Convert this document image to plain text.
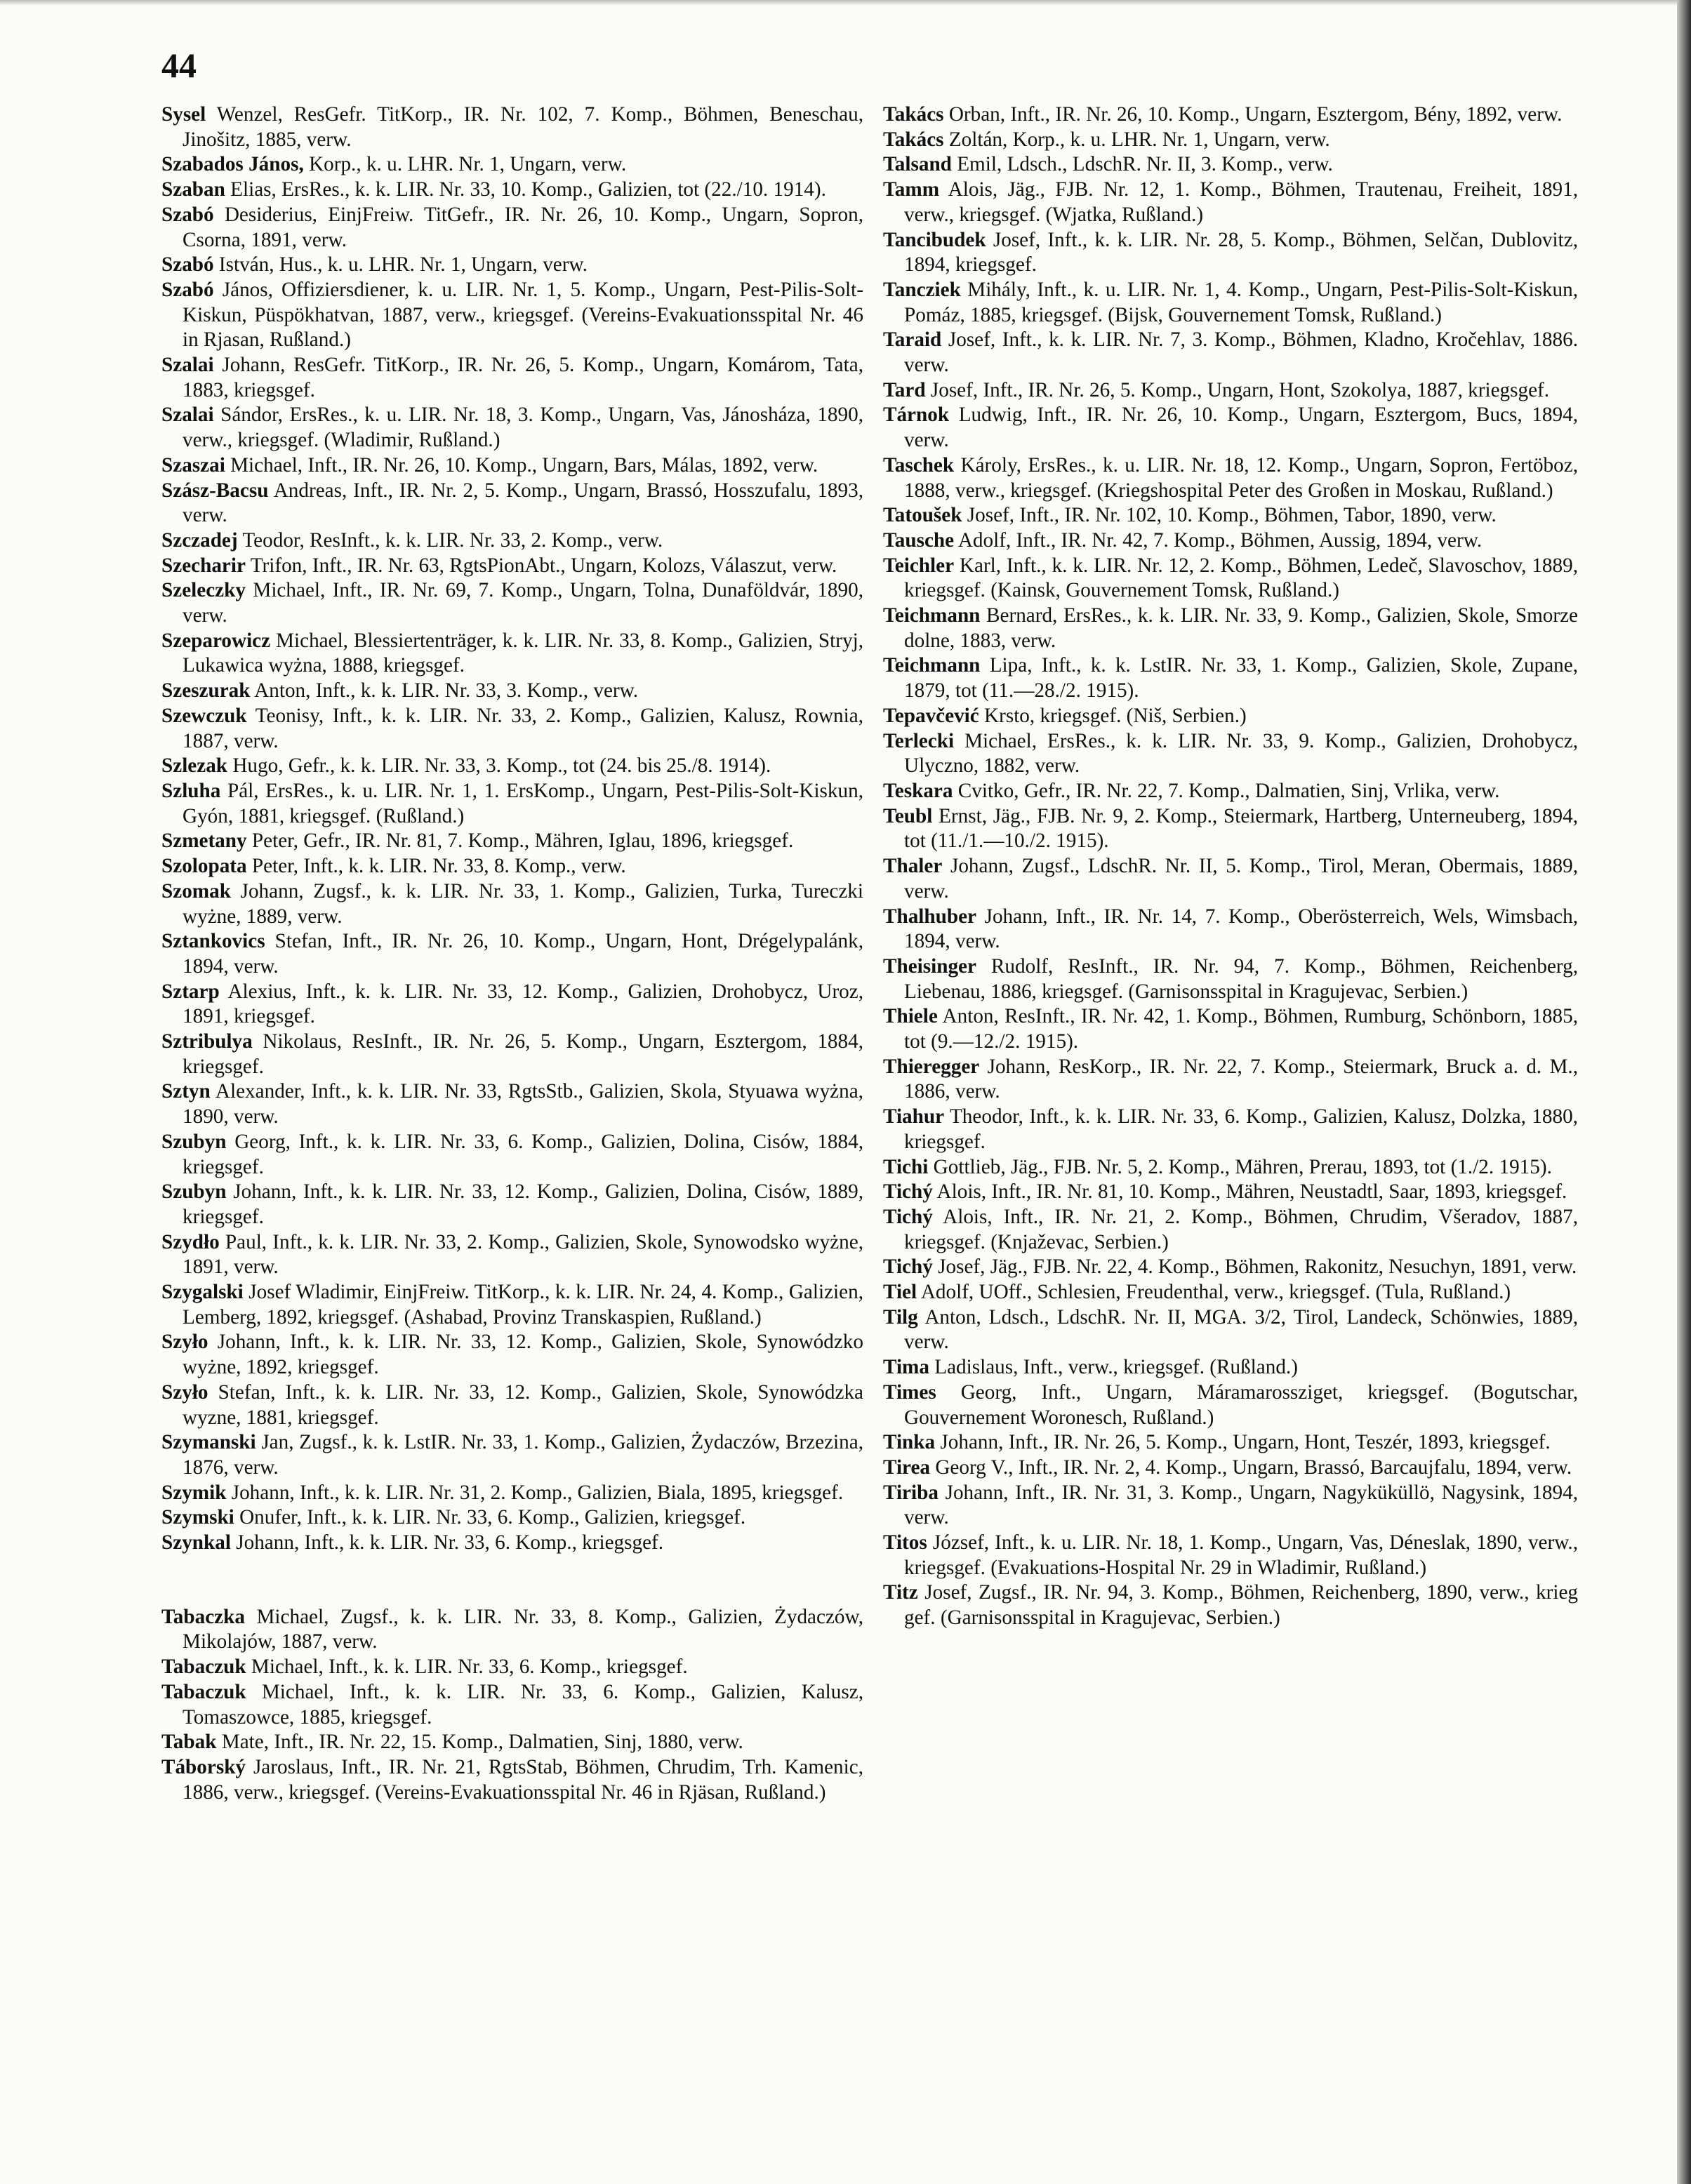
44

Sysel Wenzel, ResGefr. TitKorp., IR. Nr. 102, 7. Komp., Böhmen, Beneschau, Jinošitz, 1885, verw.

Szabados János, Korp., k. u. LHR. Nr. 1, Ungarn, verw.

Szaban Elias, ErsRes., k. k. LIR. Nr. 33, 10. Komp., Galizien, tot (22./10. 1914).

Szabó Desiderius, EinjFreiw. TitGefr., IR. Nr. 26, 10. Komp., Ungarn, Sopron, Csorna, 1891, verw.

Szabó István, Hus., k. u. LHR. Nr. 1, Ungarn, verw.

Szabó János, Offiziersdiener, k. u. LIR. Nr. 1, 5. Komp., Ungarn, Pest-Pilis-Solt-Kiskun, Püspökhatvan, 1887, verw., kriegsgef. (Vereins-Evakuationsspital Nr. 46 in Rjasan, Rußland.)

Szalai Johann, ResGefr. TitKorp., IR. Nr. 26, 5. Komp., Ungarn, Komárom, Tata, 1883, kriegsgef.

Szalai Sándor, ErsRes., k. u. LIR. Nr. 18, 3. Komp., Ungarn, Vas, Jánosháza, 1890, verw., kriegsgef. (Wladimir, Rußland.)

Szaszai Michael, Inft., IR. Nr. 26, 10. Komp., Ungarn, Bars, Málas, 1892, verw.

Szász-Bacsu Andreas, Inft., IR. Nr. 2, 5. Komp., Ungarn, Brassó, Hosszufalu, 1893, verw.

Szczadej Teodor, ResInft., k. k. LIR. Nr. 33, 2. Komp., verw.

Szecharir Trifon, Inft., IR. Nr. 63, RgtsPionAbt., Ungarn, Kolozs, Válaszut, verw.

Szeleczky Michael, Inft., IR. Nr. 69, 7. Komp., Ungarn, Tolna, Dunaföldvár, 1890, verw.

Szeparowicz Michael, Blessiertenträger, k. k. LIR. Nr. 33, 8. Komp., Galizien, Stryj, Lukawica wyżna, 1888, kriegsgef.

Szeszurak Anton, Inft., k. k. LIR. Nr. 33, 3. Komp., verw.

Szewczuk Teonisy, Inft., k. k. LIR. Nr. 33, 2. Komp., Galizien, Kalusz, Rownia, 1887, verw.

Szlezak Hugo, Gefr., k. k. LIR. Nr. 33, 3. Komp., tot (24. bis 25./8. 1914).

Szluha Pál, ErsRes., k. u. LIR. Nr. 1, 1. ErsKomp., Ungarn, Pest-Pilis-Solt-Kiskun, Gyón, 1881, kriegsgef. (Rußland.)

Szmetany Peter, Gefr., IR. Nr. 81, 7. Komp., Mähren, Iglau, 1896, kriegsgef.

Szolopata Peter, Inft., k. k. LIR. Nr. 33, 8. Komp., verw.

Szomak Johann, Zugsf., k. k. LIR. Nr. 33, 1. Komp., Galizien, Turka, Tureczki wyżne, 1889, verw.

Sztankovics Stefan, Inft., IR. Nr. 26, 10. Komp., Ungarn, Hont, Drégelypalánk, 1894, verw.

Sztarp Alexius, Inft., k. k. LIR. Nr. 33, 12. Komp., Galizien, Drohobycz, Uroz, 1891, kriegsgef.

Sztribulya Nikolaus, ResInft., IR. Nr. 26, 5. Komp., Ungarn, Esztergom, 1884, kriegsgef.

Sztyn Alexander, Inft., k. k. LIR. Nr. 33, RgtsStb., Galizien, Skola, Styuawa wyżna, 1890, verw.

Szubyn Georg, Inft., k. k. LIR. Nr. 33, 6. Komp., Galizien, Dolina, Cisów, 1884, kriegsgef.

Szubyn Johann, Inft., k. k. LIR. Nr. 33, 12. Komp., Galizien, Dolina, Cisów, 1889, kriegsgef.

Szydło Paul, Inft., k. k. LIR. Nr. 33, 2. Komp., Galizien, Skole, Synowodsko wyżne, 1891, verw.

Szygalski Josef Wladimir, EinjFreiw. TitKorp., k. k. LIR. Nr. 24, 4. Komp., Galizien, Lemberg, 1892, kriegsgef. (Ashabad, Provinz Transkaspien, Rußland.)

Szyło Johann, Inft., k. k. LIR. Nr. 33, 12. Komp., Galizien, Skole, Synowódzko wyżne, 1892, kriegsgef.

Szyło Stefan, Inft., k. k. LIR. Nr. 33, 12. Komp., Galizien, Skole, Synowódzka wyzne, 1881, kriegsgef.

Szymanski Jan, Zugsf., k. k. LstIR. Nr. 33, 1. Komp., Galizien, Żydaczów, Brzezina, 1876, verw.

Szymik Johann, Inft., k. k. LIR. Nr. 31, 2. Komp., Galizien, Biala, 1895, kriegsgef.

Szymski Onufer, Inft., k. k. LIR. Nr. 33, 6. Komp., Galizien, kriegsgef.

Szynkal Johann, Inft., k. k. LIR. Nr. 33, 6. Komp., kriegsgef.

Tabaczka Michael, Zugsf., k. k. LIR. Nr. 33, 8. Komp., Galizien, Żydaczów, Mikolajów, 1887, verw.

Tabaczuk Michael, Inft., k. k. LIR. Nr. 33, 6. Komp., kriegsgef.

Tabaczuk Michael, Inft., k. k. LIR. Nr. 33, 6. Komp., Galizien, Kalusz, Tomaszowce, 1885, kriegsgef.

Tabak Mate, Inft., IR. Nr. 22, 15. Komp., Dalmatien, Sinj, 1880, verw.

Táborský Jaroslaus, Inft., IR. Nr. 21, RgtsStab, Böhmen, Chrudim, Trh. Kamenic, 1886, verw., kriegsgef. (Vereins-Evakuationsspital Nr. 46 in Rjäsan, Rußland.)

Takács Orban, Inft., IR. Nr. 26, 10. Komp., Ungarn, Esztergom, Bény, 1892, verw.

Takács Zoltán, Korp., k. u. LHR. Nr. 1, Ungarn, verw.

Talsand Emil, Ldsch., LdschR. Nr. II, 3. Komp., verw.

Tamm Alois, Jäg., FJB. Nr. 12, 1. Komp., Böhmen, Trautenau, Freiheit, 1891, verw., kriegsgef. (Wjatka, Rußland.)

Tancibudek Josef, Inft., k. k. LIR. Nr. 28, 5. Komp., Böhmen, Selčan, Dublovitz, 1894, kriegsgef.

Tancziek Mihály, Inft., k. u. LIR. Nr. 1, 4. Komp., Ungarn, Pest-Pilis-Solt-Kiskun, Pomáz, 1885, kriegsgef. (Bijsk, Gouvernement Tomsk, Rußland.)

Taraid Josef, Inft., k. k. LIR. Nr. 7, 3. Komp., Böhmen, Kladno, Kročehlav, 1886. verw.

Tard Josef, Inft., IR. Nr. 26, 5. Komp., Ungarn, Hont, Szokolya, 1887, kriegsgef.

Tárnok Ludwig, Inft., IR. Nr. 26, 10. Komp., Ungarn, Esztergom, Bucs, 1894, verw.

Taschek Károly, ErsRes., k. u. LIR. Nr. 18, 12. Komp., Ungarn, Sopron, Fertöboz, 1888, verw., kriegsgef. (Kriegshospital Peter des Großen in Moskau, Rußland.)

Tatoušek Josef, Inft., IR. Nr. 102, 10. Komp., Böhmen, Tabor, 1890, verw.

Tausche Adolf, Inft., IR. Nr. 42, 7. Komp., Böhmen, Aussig, 1894, verw.

Teichler Karl, Inft., k. k. LIR. Nr. 12, 2. Komp., Böhmen, Ledeč, Slavoschov, 1889, kriegsgef. (Kainsk, Gouvernement Tomsk, Rußland.)

Teichmann Bernard, ErsRes., k. k. LIR. Nr. 33, 9. Komp., Galizien, Skole, Smorze dolne, 1883, verw.

Teichmann Lipa, Inft., k. k. LstIR. Nr. 33, 1. Komp., Galizien, Skole, Zupane, 1879, tot (11.—28./2. 1915).

Tepavčević Krsto, kriegsgef. (Niš, Serbien.)

Terlecki Michael, ErsRes., k. k. LIR. Nr. 33, 9. Komp., Galizien, Drohobycz, Ulyczno, 1882, verw.

Teskara Cvitko, Gefr., IR. Nr. 22, 7. Komp., Dalmatien, Sinj, Vrlika, verw.

Teubl Ernst, Jäg., FJB. Nr. 9, 2. Komp., Steiermark, Hartberg, Unterneuberg, 1894, tot (11./1.—10./2. 1915).

Thaler Johann, Zugsf., LdschR. Nr. II, 5. Komp., Tirol, Meran, Obermais, 1889, verw.

Thalhuber Johann, Inft., IR. Nr. 14, 7. Komp., Oberösterreich, Wels, Wimsbach, 1894, verw.

Theisinger Rudolf, ResInft., IR. Nr. 94, 7. Komp., Böhmen, Reichenberg, Liebenau, 1886, kriegsgef. (Garnisonsspital in Kragujevac, Serbien.)

Thiele Anton, ResInft., IR. Nr. 42, 1. Komp., Böhmen, Rumburg, Schönborn, 1885, tot (9.—12./2. 1915).

Thieregger Johann, ResKorp., IR. Nr. 22, 7. Komp., Steiermark, Bruck a. d. M., 1886, verw.

Tiahur Theodor, Inft., k. k. LIR. Nr. 33, 6. Komp., Galizien, Kalusz, Dolzka, 1880, kriegsgef.

Tichi Gottlieb, Jäg., FJB. Nr. 5, 2. Komp., Mähren, Prerau, 1893, tot (1./2. 1915).

Tichý Alois, Inft., IR. Nr. 81, 10. Komp., Mähren, Neustadtl, Saar, 1893, kriegsgef.

Tichý Alois, Inft., IR. Nr. 21, 2. Komp., Böhmen, Chrudim, Všeradov, 1887, kriegsgef. (Knjaževac, Serbien.)

Tichý Josef, Jäg., FJB. Nr. 22, 4. Komp., Böhmen, Rakonitz, Nesuchyn, 1891, verw.

Tiel Adolf, UOff., Schlesien, Freudenthal, verw., kriegsgef. (Tula, Rußland.)

Tilg Anton, Ldsch., LdschR. Nr. II, MGA. 3/2, Tirol, Landeck, Schönwies, 1889, verw.

Tima Ladislaus, Inft., verw., kriegsgef. (Rußland.)

Times Georg, Inft., Ungarn, Máramarossziget, kriegsgef. (Bogutschar, Gouvernement Woronesch, Rußland.)

Tinka Johann, Inft., IR. Nr. 26, 5. Komp., Ungarn, Hont, Teszér, 1893, kriegsgef.

Tirea Georg V., Inft., IR. Nr. 2, 4. Komp., Ungarn, Brassó, Barcaujfalu, 1894, verw.

Tiriba Johann, Inft., IR. Nr. 31, 3. Komp., Ungarn, Nagyküküllö, Nagysink, 1894, verw.

Titos József, Inft., k. u. LIR. Nr. 18, 1. Komp., Ungarn, Vas, Déneslak, 1890, verw., kriegsgef. (Evakuations-Hospital Nr. 29 in Wladimir, Rußland.)

Titz Josef, Zugsf., IR. Nr. 94, 3. Komp., Böhmen, Reichenberg, 1890, verw., krieg gef. (Garnisonsspital in Kragujevac, Serbien.)
